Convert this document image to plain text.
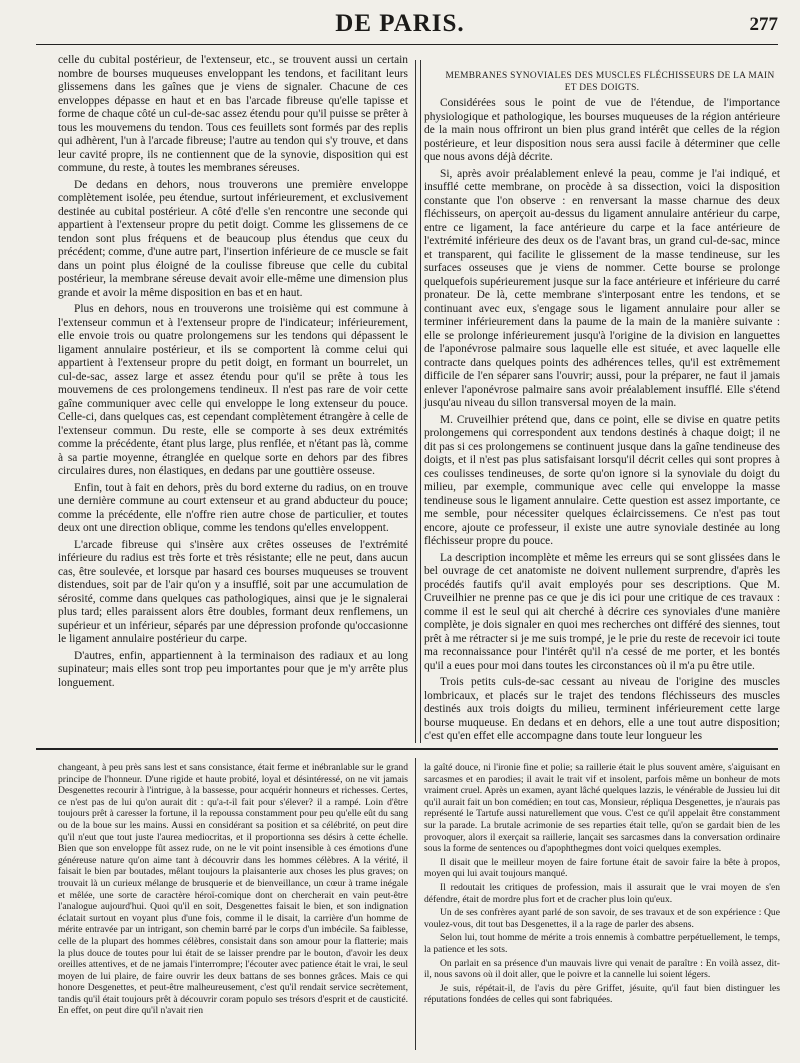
DE PARIS.	277

celle du cubital postérieur, de l'extenseur, etc., se trouvent aussi un certain nombre de bourses muqueuses enveloppant les tendons, et facilitant leurs glissemens dans les gaînes que je viens de signaler. Chacune de ces enveloppes dépasse en haut et en bas l'arcade fibreuse qu'elle tapisse et forme de chaque côté un cul-de-sac assez étendu pour qu'il puisse se prêter à tous les mouvemens du tendon. Tous ces feuillets sont formés par des replis qui adhèrent, l'un à l'arcade fibreuse; l'autre au tendon qui s'y trouve, et dans leur cavité propre, ils ne contiennent que de la synovie, disposition qui est commune, du reste, à toutes les membranes séreuses.

De dedans en dehors, nous trouverons une première enveloppe complètement isolée, peu étendue, surtout inférieurement, et exclusivement destinée au cubital postérieur. A côté d'elle s'en rencontre une seconde qui appartient à l'extenseur propre du petit doigt. Comme les glissemens de ce tendon sont plus fréquens et de beaucoup plus étendus que ceux du précédent; comme, d'une autre part, l'insertion inférieure de ce muscle se fait dans un point plus éloigné de la coulisse fibreuse que celle du cubital postérieur, la membrane séreuse devait avoir elle-même une dimension plus grande et avoir la même disposition en bas et en haut.

Plus en dehors, nous en trouverons une troisième qui est commune à l'extenseur commun et à l'extenseur propre de l'indicateur; inférieurement, elle envoie trois ou quatre prolongemens sur les tendons qui dépassent le ligament annulaire postérieur, et ils se comportent là comme celui qui appartient à l'extenseur propre du petit doigt, en formant un bourrelet, un cul-de-sac, assez large et assez étendu pour qu'il se prête à tous les mouvemens de ces prolongemens tendineux. Il n'est pas rare de voir cette gaîne communiquer avec celle qui enveloppe le long extenseur du pouce. Celle-ci, dans quelques cas, est cependant complètement étrangère à celle de l'extenseur commun. Du reste, elle se comporte à ses deux extrémités comme la précédente, étant plus large, plus renflée, et n'étant pas là, comme à sa partie moyenne, étranglée en quelque sorte en dehors par des fibres circulaires dures, non élastiques, en dedans par une gouttière osseuse.

Enfin, tout à fait en dehors, près du bord externe du radius, on en trouve une dernière commune au court extenseur et au grand abducteur du pouce; comme la précédente, elle n'offre rien autre chose de particulier, et toutes deux ont une direction oblique, comme les tendons qu'elles enveloppent.

L'arcade fibreuse qui s'insère aux crêtes osseuses de l'extrémité inférieure du radius est très forte et très résistante; elle ne peut, dans aucun cas, être soulevée, et lorsque par hasard ces bourses muqueuses se trouvent distendues, soit par de l'air qu'on y a insufflé, soit par une accumulation de sérosité, comme dans quelques cas pathologiques, ainsi que je le signalerai plus tard; elles paraissent alors être doubles, formant deux renflemens, un supérieur et un inférieur, séparés par une dépression profonde qu'occasionne le ligament annulaire postérieur du carpe.

D'autres, enfin, appartiennent à la terminaison des radiaux et au long supinateur; mais elles sont trop peu importantes pour que je m'y arrête plus longuement.

MEMBRANES SYNOVIALES DES MUSCLES FLÉCHISSEURS DE LA MAIN ET DES DOIGTS.

Considérées sous le point de vue de l'étendue, de l'importance physiologique et pathologique, les bourses muqueuses de la région antérieure de la main nous offriront un bien plus grand intérêt que celles de la région postérieure, et leur disposition nous sera aussi facile à déterminer que celle que nous avons déjà décrite.

Si, après avoir préalablement enlevé la peau, comme je l'ai indiqué, et insufflé cette membrane, on procède à sa dissection, voici la disposition constante que l'on observe : en renversant la masse charnue des deux fléchisseurs, on aperçoit au-dessus du ligament annulaire antérieur du carpe, entre ce ligament, la face antérieure du carpe et la face antérieure de l'extrémité inférieure des deux os de l'avant bras, un grand cul-de-sac, mince et transparent, qui facilite le glissement de la masse tendineuse, sur les surfaces osseuses que je viens de nommer. Cette bourse se prolonge quelquefois supérieurement jusque sur la face antérieure et inférieure du carré pronateur. De là, cette membrane s'interposant entre les tendons, et se continuant avec eux, s'engage sous le ligament annulaire pour aller se terminer inférieurement dans la paume de la main de la manière suivante : elle se prolonge inférieurement jusqu'à l'origine de la division en languettes de l'aponévrose palmaire sous laquelle elle est située, et avec laquelle elle contracte dans quelques points des adhérences telles, qu'il est extrêmement difficile de l'en séparer sans l'ouvrir; aussi, pour la préparer, ne faut il jamais enlever l'aponévrose palmaire sans avoir préalablement insufflé. Elle s'étend jusqu'au niveau du sillon transversal moyen de la main.

M. Cruveilhier prétend que, dans ce point, elle se divise en quatre petits prolongemens qui correspondent aux tendons destinés à chaque doigt; il ne dit pas si ces prolongemens se continuent jusque dans la gaîne tendineuse des doigts, et il n'est pas plus satisfaisant lorsqu'il décrit celles qui sont propres à ces coulisses tendineuses, de sorte qu'on ignore si la synoviale du doigt du milieu, par exemple, communique avec celle qui enveloppe la masse tendineuse sous le ligament annulaire. Cette question est assez importante, ce me semble, pour nécessiter quelques éclaircissemens. Ce n'est pas tout encore, ajoute ce professeur, il existe une autre synoviale destinée au long fléchisseur propre du pouce.

La description incomplète et même les erreurs qui se sont glissées dans le bel ouvrage de cet anatomiste ne doivent nullement surprendre, d'après les procédés fautifs qu'il avait employés pour ses descriptions. Que M. Cruveilhier ne prenne pas ce que je dis ici pour une critique de ces travaux : comme il est le seul qui ait cherché à décrire ces synoviales d'une manière complète, je dois signaler en quoi mes recherches ont différé des siennes, tout prêt à me rétracter si je me suis trompé, je le prie du reste de recevoir ici toute ma reconnaissance pour l'intérêt qu'il n'a cessé de me porter, et les bontés qu'il a eues pour moi dans toutes les circonstances où il m'a pu être utile.

Trois petits culs-de-sac cessant au niveau de l'origine des muscles lombricaux, et placés sur le trajet des tendons fléchisseurs des muscles destinés aux trois doigts du milieu, terminent inférieurement cette large bourse muqueuse. En dedans et en dehors, elle a une tout autre disposition; c'est qu'en effet elle accompagne dans toute leur longueur les

changeant, à peu près sans lest et sans consistance, était ferme et inébranlable sur le grand principe de l'honneur. D'une rigide et haute probité, loyal et désintéressé, on ne vit jamais Desgenettes recourir à l'intrigue, à la bassesse, pour acquérir honneurs et richesses. Certes, ce n'est pas de lui qu'on aurait dit : qu'a-t-il fait pour s'élever? il a rampé. Loin d'être toujours prêt à caresser la fortune, il la repoussa constamment pour peu qu'elle eût du sang ou de la boue sur les mains. Aussi en considérant sa position et sa célébrité, on peut dire qu'il n'eut que tout juste l'aurea mediocritas, et il proportionna ses désirs à cette échelle. Bien que son enveloppe fût assez rude, on ne le vit point insensible à ces émotions d'une généreuse nature qu'on aime tant à découvrir dans les hommes célèbres. A la vérité, il faisait le bien par boutades, mêlant toujours la plaisanterie aux choses les plus graves; on trouvait là un curieux mélange de brusquerie et de bienveillance, un cœur à trame inégale et mêlée, une sorte de caractère héroï-comique dont on chercherait en vain peut-être l'analogue aujourd'hui. Quoi qu'il en soit, Desgenettes faisait le bien, et son indignation éclatait surtout en voyant plus d'une fois, comme il le disait, la carrière d'un homme de mérite entravée par un intrigant, son chemin barré par le corps d'un imbécile. Sa faiblesse, celle de la plupart des hommes célèbres, consistait dans son amour pour la flatterie; mais la plus douce de toutes pour lui était de se laisser prendre par le bouton, d'avoir les deux oreilles attentives, et de ne jamais l'interrompre; l'écouter avec patience était le vrai, le seul moyen de lui plaire, de faire ouvrir les deux battans de ses bonnes grâces. Mais ce qui honore Desgenettes, et peut-être malheureusement, c'est qu'il rendait service secrètement, tandis qu'il était toujours prêt à découvrir coram populo ses trésors d'esprit et de causticité. En effet, on peut dire qu'il n'avait rien

la gaîté douce, ni l'ironie fine et polie; sa raillerie était le plus souvent amère, s'aiguisant en sarcasmes et en parodies; il avait le trait vif et insolent, parfois même un bonheur de mots vraiment cruel. Après un examen, ayant lâché quelques lazzis, le vénérable de Jussieu lui dit qu'il aurait fait un bon comédien; en tout cas, Monsieur, répliqua Desgenettes, je n'aurais pas représenté le Tartufe aussi naturellement que vous. C'est ce qu'il appelait être constamment sur la parade. La brutale acrimonie de ses reparties était telle, qu'on se gardait bien de les provoquer, alors il exerçait sa raillerie, lançait ses sarcasmes dans la conversation ordinaire sous la forme de sentences ou d'apophthegmes dont voici quelques exemples.

Il disait que le meilleur moyen de faire fortune était de savoir faire la bête à propos, moyen qui lui avait toujours manqué.

Il redoutait les critiques de profession, mais il assurait que le vrai moyen de s'en défendre, était de mordre plus fort et de cracher plus loin qu'eux.

Un de ses confrères ayant parlé de son savoir, de ses travaux et de son expérience : Que voulez-vous, dit tout bas Desgenettes, il a la rage de parler des absens.

Selon lui, tout homme de mérite a trois ennemis à combattre perpétuellement, le temps, la patience et les sots.

On parlait en sa présence d'un mauvais livre qui venait de paraître : En voilà assez, dit-il, nous savons où il doit aller, que le poivre et la cannelle lui soient légers.

Je suis, répétait-il, de l'avis du père Griffet, jésuite, qu'il faut bien distinguer les réputations fondées de celles qui sont fabriquées.
